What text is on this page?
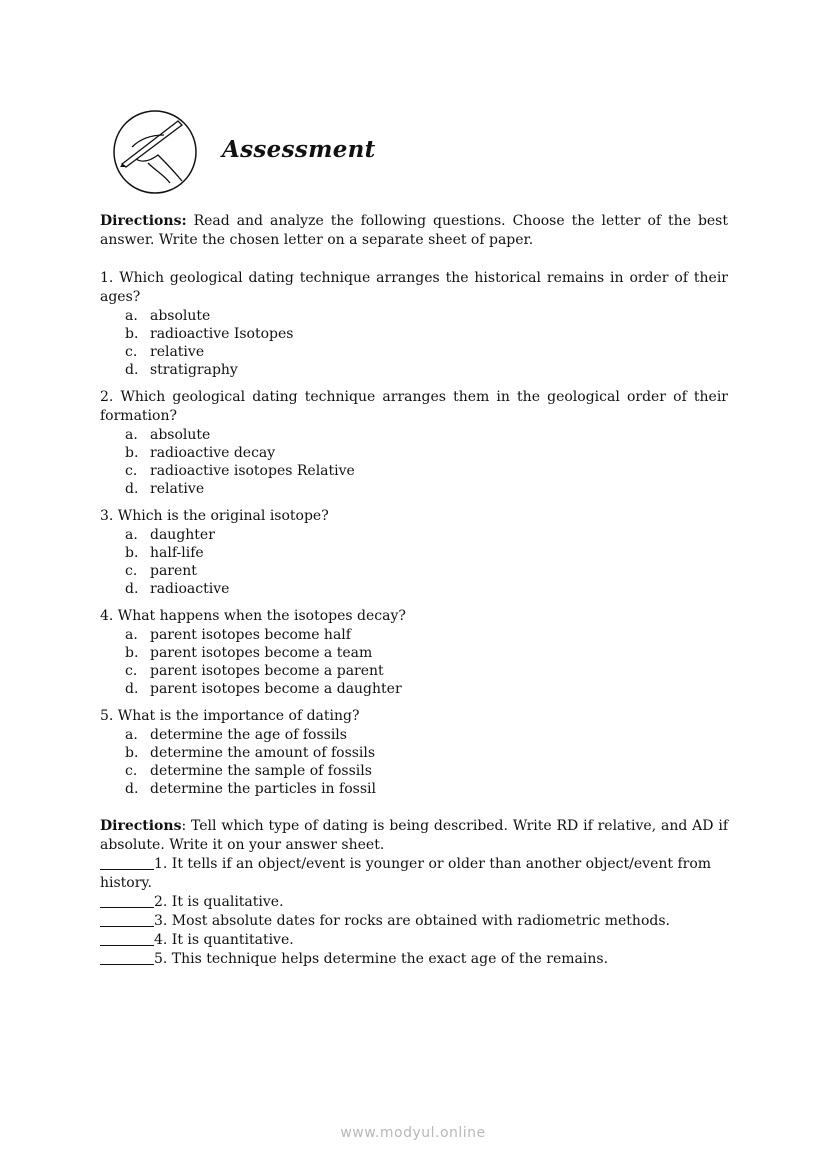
Assessment

Directions: Read and analyze the following questions. Choose the letter of the best answer. Write the chosen letter on a separate sheet of paper.

1. Which geological dating technique arranges the historical remains in order of their ages?

a. absolute
b. radioactive Isotopes
c. relative
d. stratigraphy

2. Which geological dating technique arranges them in the geological order of their formation?

a. absolute
b. radioactive decay
c. radioactive isotopes Relative
d. relative

3. Which is the original isotope?

a. daughter
b. half-life
c. parent
d. radioactive

4. What happens when the isotopes decay?

a. parent isotopes become half
b. parent isotopes become a team
c. parent isotopes become a parent
d. parent isotopes become a daughter

5. What is the importance of dating?

a. determine the age of fossils
b. determine the amount of fossils
c. determine the sample of fossils
d. determine the particles in fossil

Directions: Tell which type of dating is being described. Write RD if relative, and AD if absolute. Write it on your answer sheet.

1. It tells if an object/event is younger or older than another object/event from history.

2. It is qualitative.

3. Most absolute dates for rocks are obtained with radiometric methods.

4. It is quantitative.

5. This technique helps determine the exact age of the remains.

www.modyul.online
